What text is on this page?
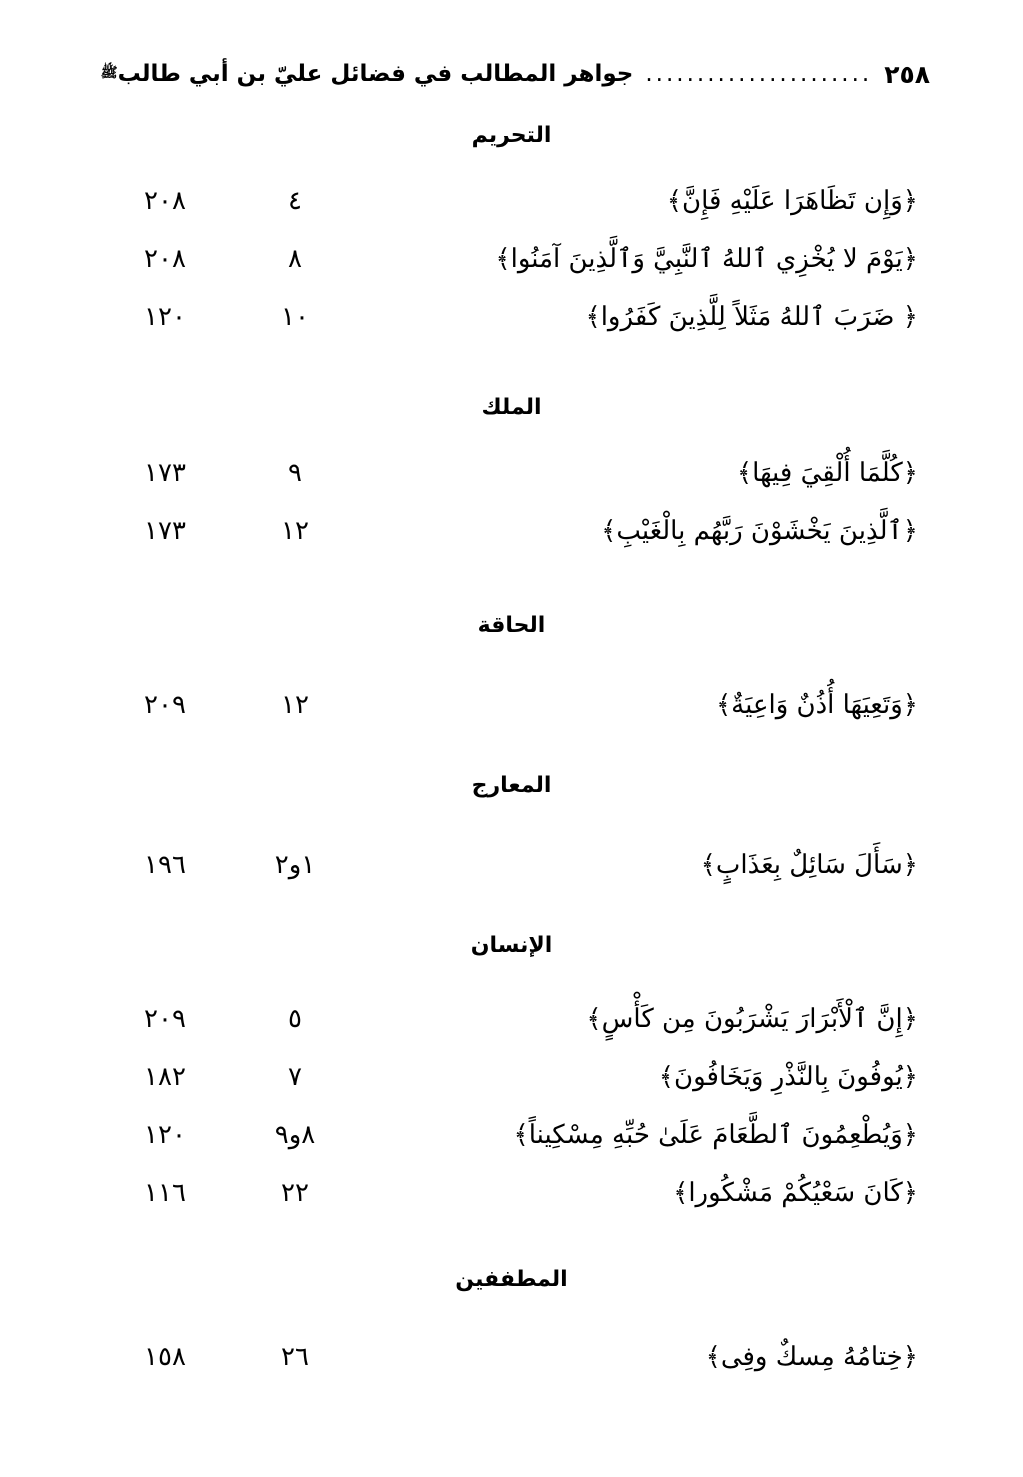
٢٥٨
......................
جواهر المطالب في فضائل عليّ بن أبي طالب
ﷺ
التحريم
﴿وَإِن تَظَاهَرَا عَلَيْهِ فَإِنَّ﴾
٤
٢٠٨
﴿يَوْمَ لا يُخْزِي ٱللهُ ٱلنَّبِيَّ وَٱلَّذِينَ آمَنُوا﴾
٨
٢٠٨
﴿ ضَرَبَ ٱللهُ مَثَلاً لِلَّذِينَ كَفَرُوا﴾
١٠
١٢٠
الملك
﴿كُلَّمَا أُلْقِيَ فِيهَا﴾
٩
١٧٣
﴿ٱلَّذِينَ يَخْشَوْنَ رَبَّهُم بِالْغَيْبِ﴾
١٢
١٧٣
الحاقة
﴿وَتَعِيَهَا أُذُنٌ وَاعِيَةٌ﴾
١٢
٢٠٩
المعارج
﴿سَأَلَ سَائِلٌ بِعَذَابٍ﴾
١و٢
١٩٦
الإنسان
﴿إِنَّ ٱلْأَبْرَارَ يَشْرَبُونَ مِن كَأْسٍ﴾
٥
٢٠٩
﴿يُوفُونَ بِالنَّذْرِ وَيَخَافُونَ﴾
٧
١٨٢
﴿وَيُطْعِمُونَ ٱلطَّعَامَ عَلَىٰ حُبِّهِ مِسْكِيناً﴾
٨و٩
١٢٠
﴿كَانَ سَعْيُكُمْ مَشْكُورا﴾
٢٢
١١٦
المطففين
﴿خِتامُهُ مِسكٌ وفِى﴾
٢٦
١٥٨
